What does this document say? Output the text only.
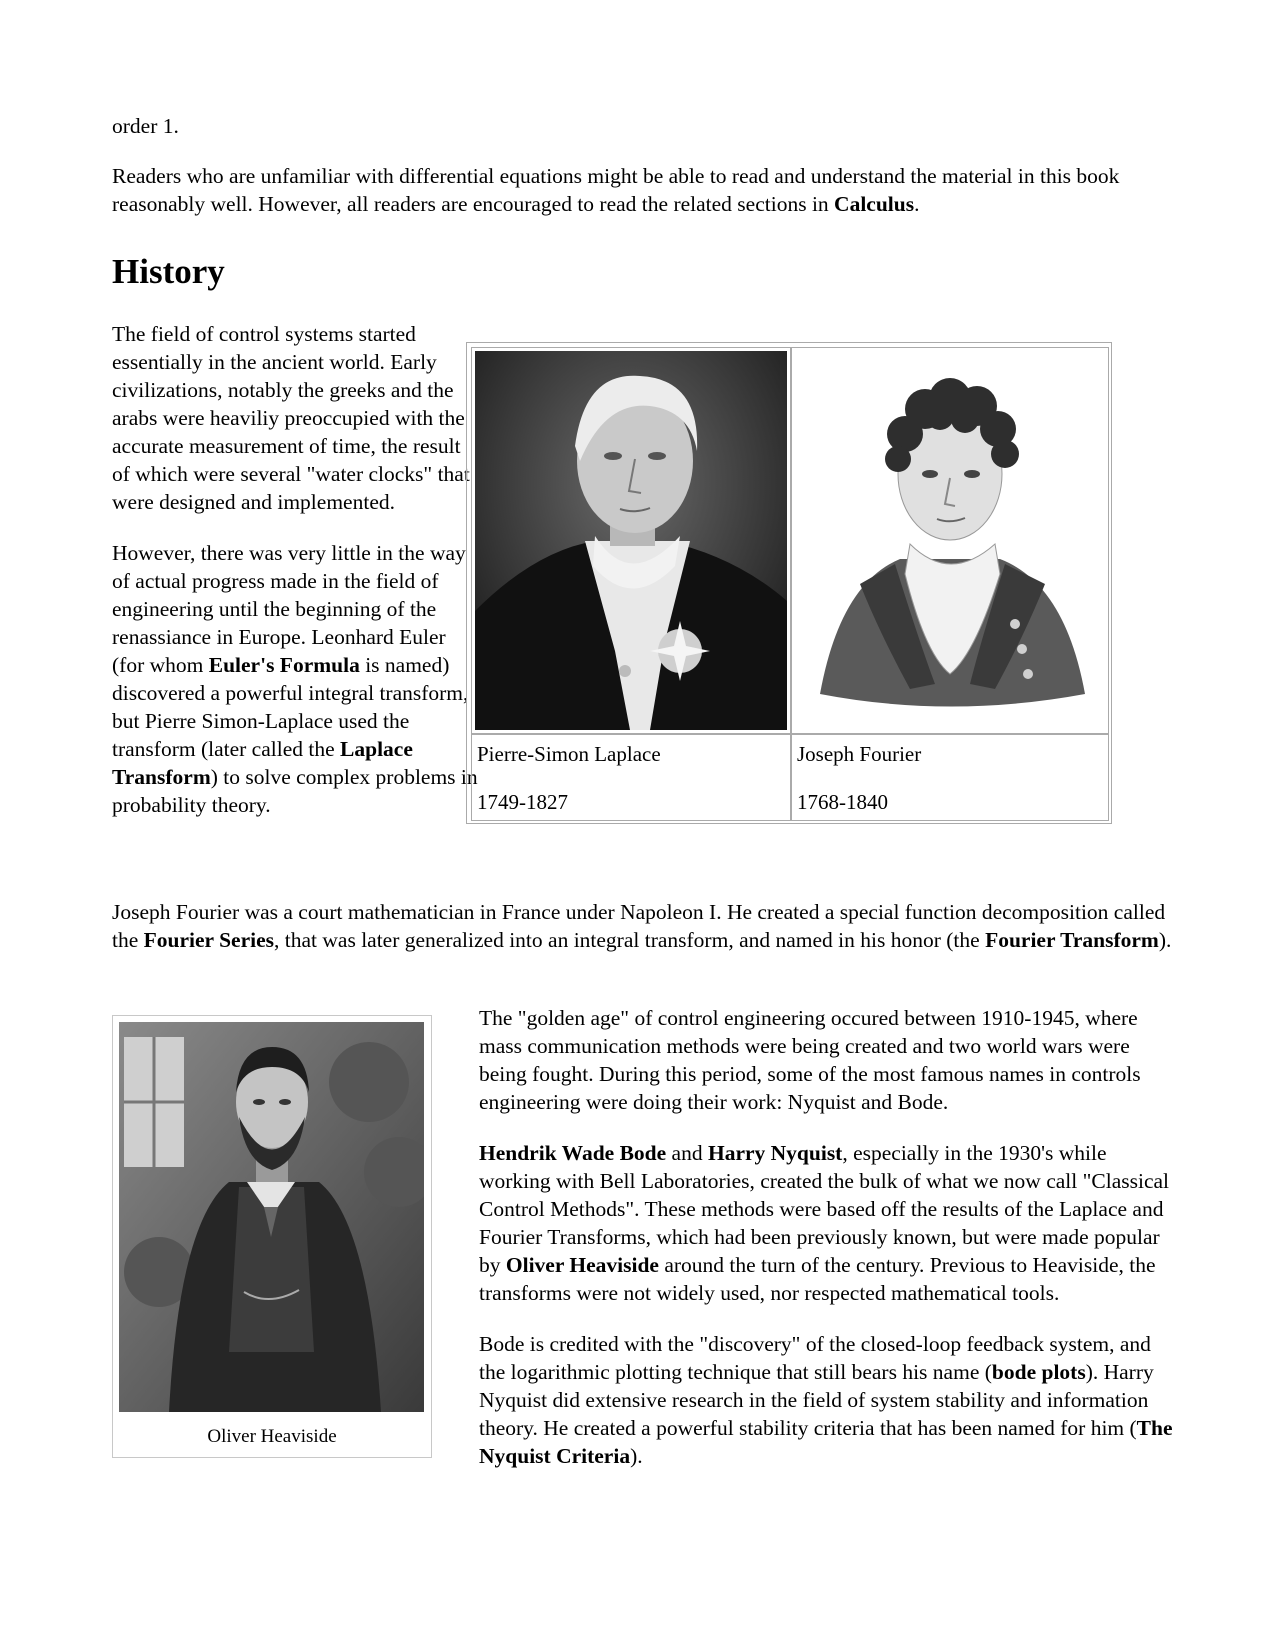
order 1.

Readers who are unfamiliar with differential equations might be able to read and understand the material in this book reasonably well. However, all readers are encouraged to read the related sections in Calculus.

History

The field of control systems started essentially in the ancient world. Early civilizations, notably the greeks and the arabs were heaviliy preoccupied with the accurate measurement of time, the result of which were several "water clocks" that were designed and implemented.

However, there was very little in the way of actual progress made in the field of engineering until the beginning of the renassiance in Europe. Leonhard Euler (for whom Euler's Formula is named) discovered a powerful integral transform, but Pierre Simon-Laplace used the transform (later called the Laplace Transform) to solve complex problems in probability theory.

Pierre-Simon Laplace
1749-1827
Joseph Fourier
1768-1840

Joseph Fourier was a court mathematician in France under Napoleon I. He created a special function decomposition called the Fourier Series, that was later generalized into an integral transform, and named in his honor (the Fourier Transform).

Oliver Heaviside

The "golden age" of control engineering occured between 1910-1945, where mass communication methods were being created and two world wars were being fought. During this period, some of the most famous names in controls engineering were doing their work: Nyquist and Bode.

Hendrik Wade Bode and Harry Nyquist, especially in the 1930's while working with Bell Laboratories, created the bulk of what we now call "Classical Control Methods". These methods were based off the results of the Laplace and Fourier Transforms, which had been previously known, but were made popular by Oliver Heaviside around the turn of the century. Previous to Heaviside, the transforms were not widely used, nor respected mathematical tools.

Bode is credited with the "discovery" of the closed-loop feedback system, and the logarithmic plotting technique that still bears his name (bode plots). Harry Nyquist did extensive research in the field of system stability and information theory. He created a powerful stability criteria that has been named for him (The Nyquist Criteria).
